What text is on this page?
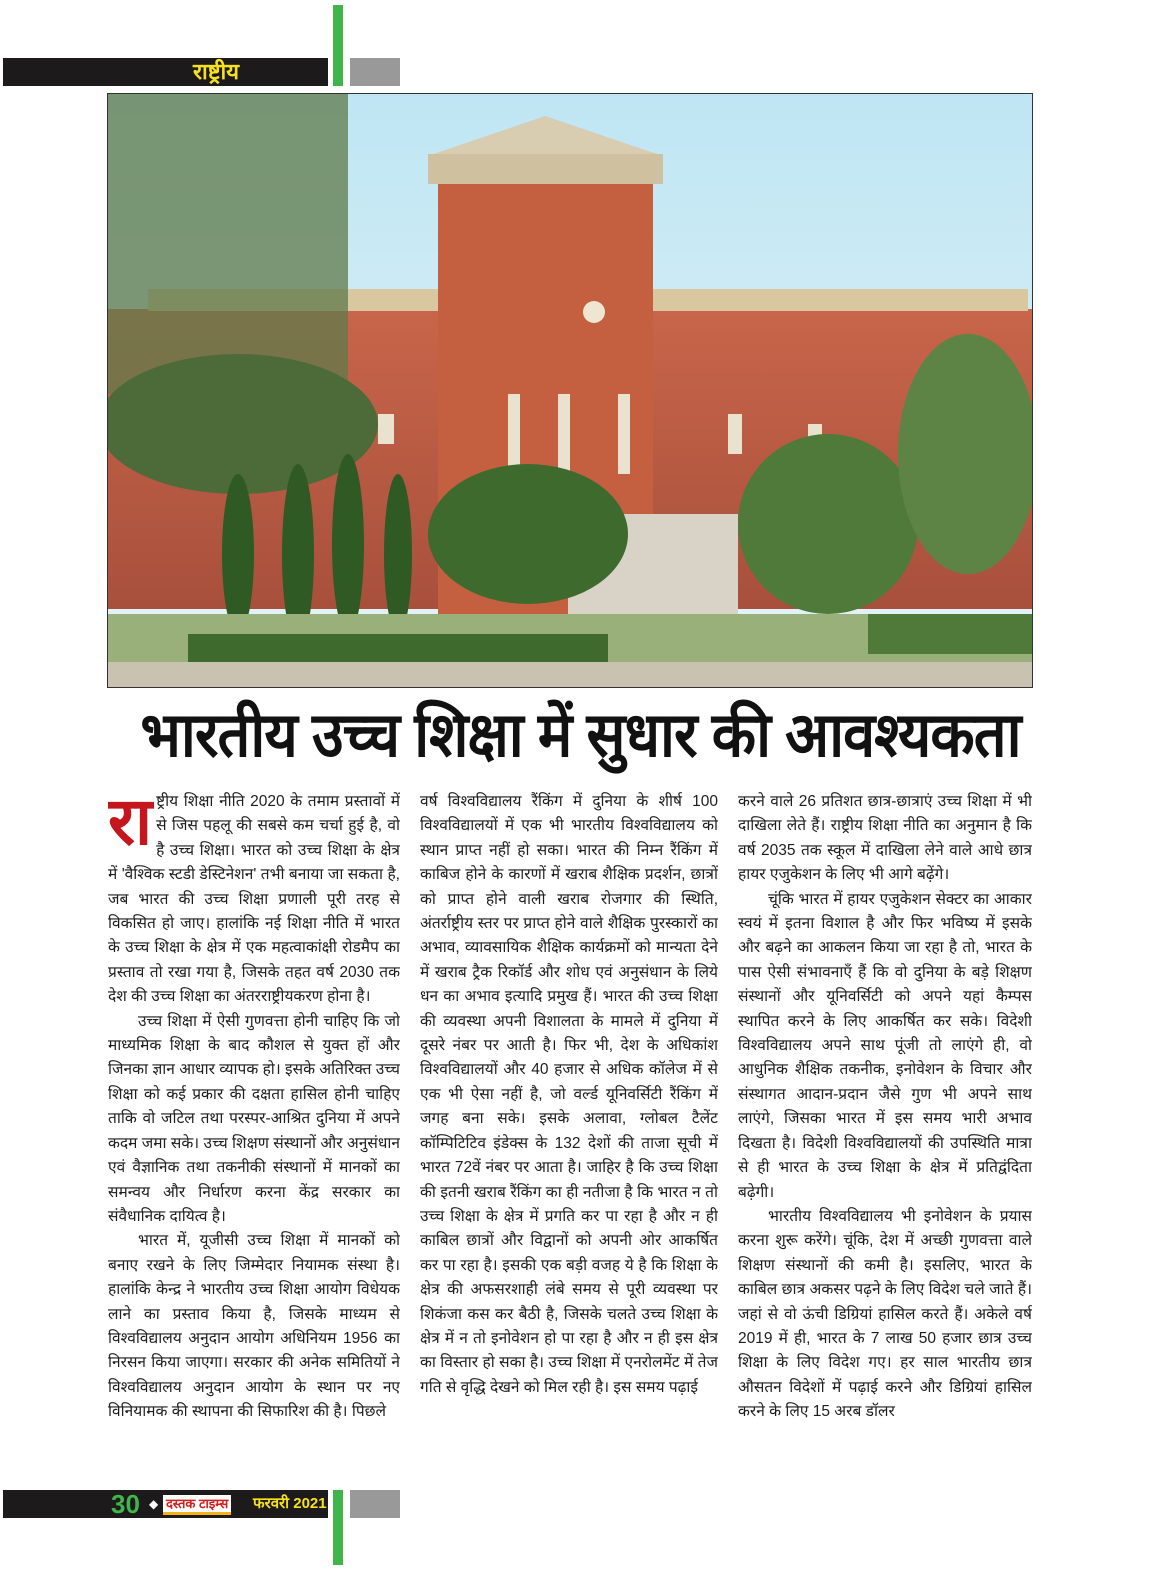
राष्ट्रीय
भारतीय उच्च शिक्षा में सुधार की आवश्यकता

राष्ट्रीय शिक्षा नीति 2020 के तमाम प्रस्तावों में से जिस पहलू की सबसे कम चर्चा हुई है, वो है उच्च शिक्षा। भारत को उच्च शिक्षा के क्षेत्र में 'वैश्विक स्टडी डेस्टिनेशन' तभी बनाया जा सकता है, जब भारत की उच्च शिक्षा प्रणाली पूरी तरह से विकसित हो जाए। हालांकि नई शिक्षा नीति में भारत के उच्च शिक्षा के क्षेत्र में एक महत्वाकांक्षी रोडमैप का प्रस्ताव तो रखा गया है, जिसके तहत वर्ष 2030 तक देश की उच्च शिक्षा का अंतरराष्ट्रीयकरण होना है।

उच्च शिक्षा में ऐसी गुणवत्ता होनी चाहिए कि जो माध्यमिक शिक्षा के बाद कौशल से युक्त हों और जिनका ज्ञान आधार व्यापक हो। इसके अतिरिक्त उच्च शिक्षा को कई प्रकार की दक्षता हासिल होनी चाहिए ताकि वो जटिल तथा परस्पर-आश्रित दुनिया में अपने कदम जमा सके। उच्च शिक्षण संस्थानों और अनुसंधान एवं वैज्ञानिक तथा तकनीकी संस्थानों में मानकों का समन्वय और निर्धारण करना केंद्र सरकार का संवैधानिक दायित्व है।

भारत में, यूजीसी उच्च शिक्षा में मानकों को बनाए रखने के लिए जिम्मेदार नियामक संस्था है। हालांकि केन्द्र ने भारतीय उच्च शिक्षा आयोग विधेयक लाने का प्रस्ताव किया है, जिसके माध्यम से विश्वविद्यालय अनुदान आयोग अधिनियम 1956 का निरसन किया जाएगा। सरकार की अनेक समितियों ने विश्वविद्यालय अनुदान आयोग के स्थान पर नए विनियामक की स्थापना की सिफारिश की है। पिछले

वर्ष विश्वविद्यालय रैंकिंग में दुनिया के शीर्ष 100 विश्वविद्यालयों में एक भी भारतीय विश्वविद्यालय को स्थान प्राप्त नहीं हो सका। भारत की निम्न रैंकिंग में काबिज होने के कारणों में खराब शैक्षिक प्रदर्शन, छात्रों को प्राप्त होने वाली खराब रोजगार की स्थिति, अंतर्राष्ट्रीय स्तर पर प्राप्त होने वाले शैक्षिक पुरस्कारों का अभाव, व्यावसायिक शैक्षिक कार्यक्रमों को मान्यता देने में खराब ट्रैक रिकॉर्ड और शोध एवं अनुसंधान के लिये धन का अभाव इत्यादि प्रमुख हैं। भारत की उच्च शिक्षा की व्यवस्था अपनी विशालता के मामले में दुनिया में दूसरे नंबर पर आती है। फिर भी, देश के अधिकांश विश्वविद्यालयों और 40 हजार से अधिक कॉलेज में से एक भी ऐसा नहीं है, जो वर्ल्ड यूनिवर्सिटी रैंकिंग में जगह बना सके। इसके अलावा, ग्लोबल टैलेंट कॉम्पिटिटिव इंडेक्स के 132 देशों की ताजा सूची में भारत 72वें नंबर पर आता है। जाहिर है कि उच्च शिक्षा की इतनी खराब रैंकिंग का ही नतीजा है कि भारत न तो उच्च शिक्षा के क्षेत्र में प्रगति कर पा रहा है और न ही काबिल छात्रों और विद्वानों को अपनी ओर आकर्षित कर पा रहा है। इसकी एक बड़ी वजह ये है कि शिक्षा के क्षेत्र की अफसरशाही लंबे समय से पूरी व्यवस्था पर शिकंजा कस कर बैठी है, जिसके चलते उच्च शिक्षा के क्षेत्र में न तो इनोवेशन हो पा रहा है और न ही इस क्षेत्र का विस्तार हो सका है। उच्च शिक्षा में एनरोलमेंट में तेज गति से वृद्धि देखने को मिल रही है। इस समय पढ़ाई

करने वाले 26 प्रतिशत छात्र-छात्राएं उच्च शिक्षा में भी दाखिला लेते हैं। राष्ट्रीय शिक्षा नीति का अनुमान है कि वर्ष 2035 तक स्कूल में दाखिला लेने वाले आधे छात्र हायर एजुकेशन के लिए भी आगे बढ़ेंगे।

चूंकि भारत में हायर एजुकेशन सेक्टर का आकार स्वयं में इतना विशाल है और फिर भविष्य में इसके और बढ़ने का आकलन किया जा रहा है तो, भारत के पास ऐसी संभावनाएँ हैं कि वो दुनिया के बड़े शिक्षण संस्थानों और यूनिवर्सिटी को अपने यहां कैम्पस स्थापित करने के लिए आकर्षित कर सके। विदेशी विश्वविद्यालय अपने साथ पूंजी तो लाएंगे ही, वो आधुनिक शैक्षिक तकनीक, इनोवेशन के विचार और संस्थागत आदान-प्रदान जैसे गुण भी अपने साथ लाएंगे, जिसका भारत में इस समय भारी अभाव दिखता है। विदेशी विश्वविद्यालयों की उपस्थिति मात्रा से ही भारत के उच्च शिक्षा के क्षेत्र में प्रतिद्वंदिता बढ़ेगी।

भारतीय विश्वविद्यालय भी इनोवेशन के प्रयास करना शुरू करेंगे। चूंकि, देश में अच्छी गुणवत्ता वाले शिक्षण संस्थानों की कमी है। इसलिए, भारत के काबिल छात्र अकसर पढ़ने के लिए विदेश चले जाते हैं। जहां से वो ऊंची डिग्रियां हासिल करते हैं। अकेले वर्ष 2019 में ही, भारत के 7 लाख 50 हजार छात्र उच्च शिक्षा के लिए विदेश गए। हर साल भारतीय छात्र औसतन विदेशों में पढ़ाई करने और डिग्रियां हासिल करने के लिए 15 अरब डॉलर

30 ◆ दस्तक टाइम्स फरवरी 2021
